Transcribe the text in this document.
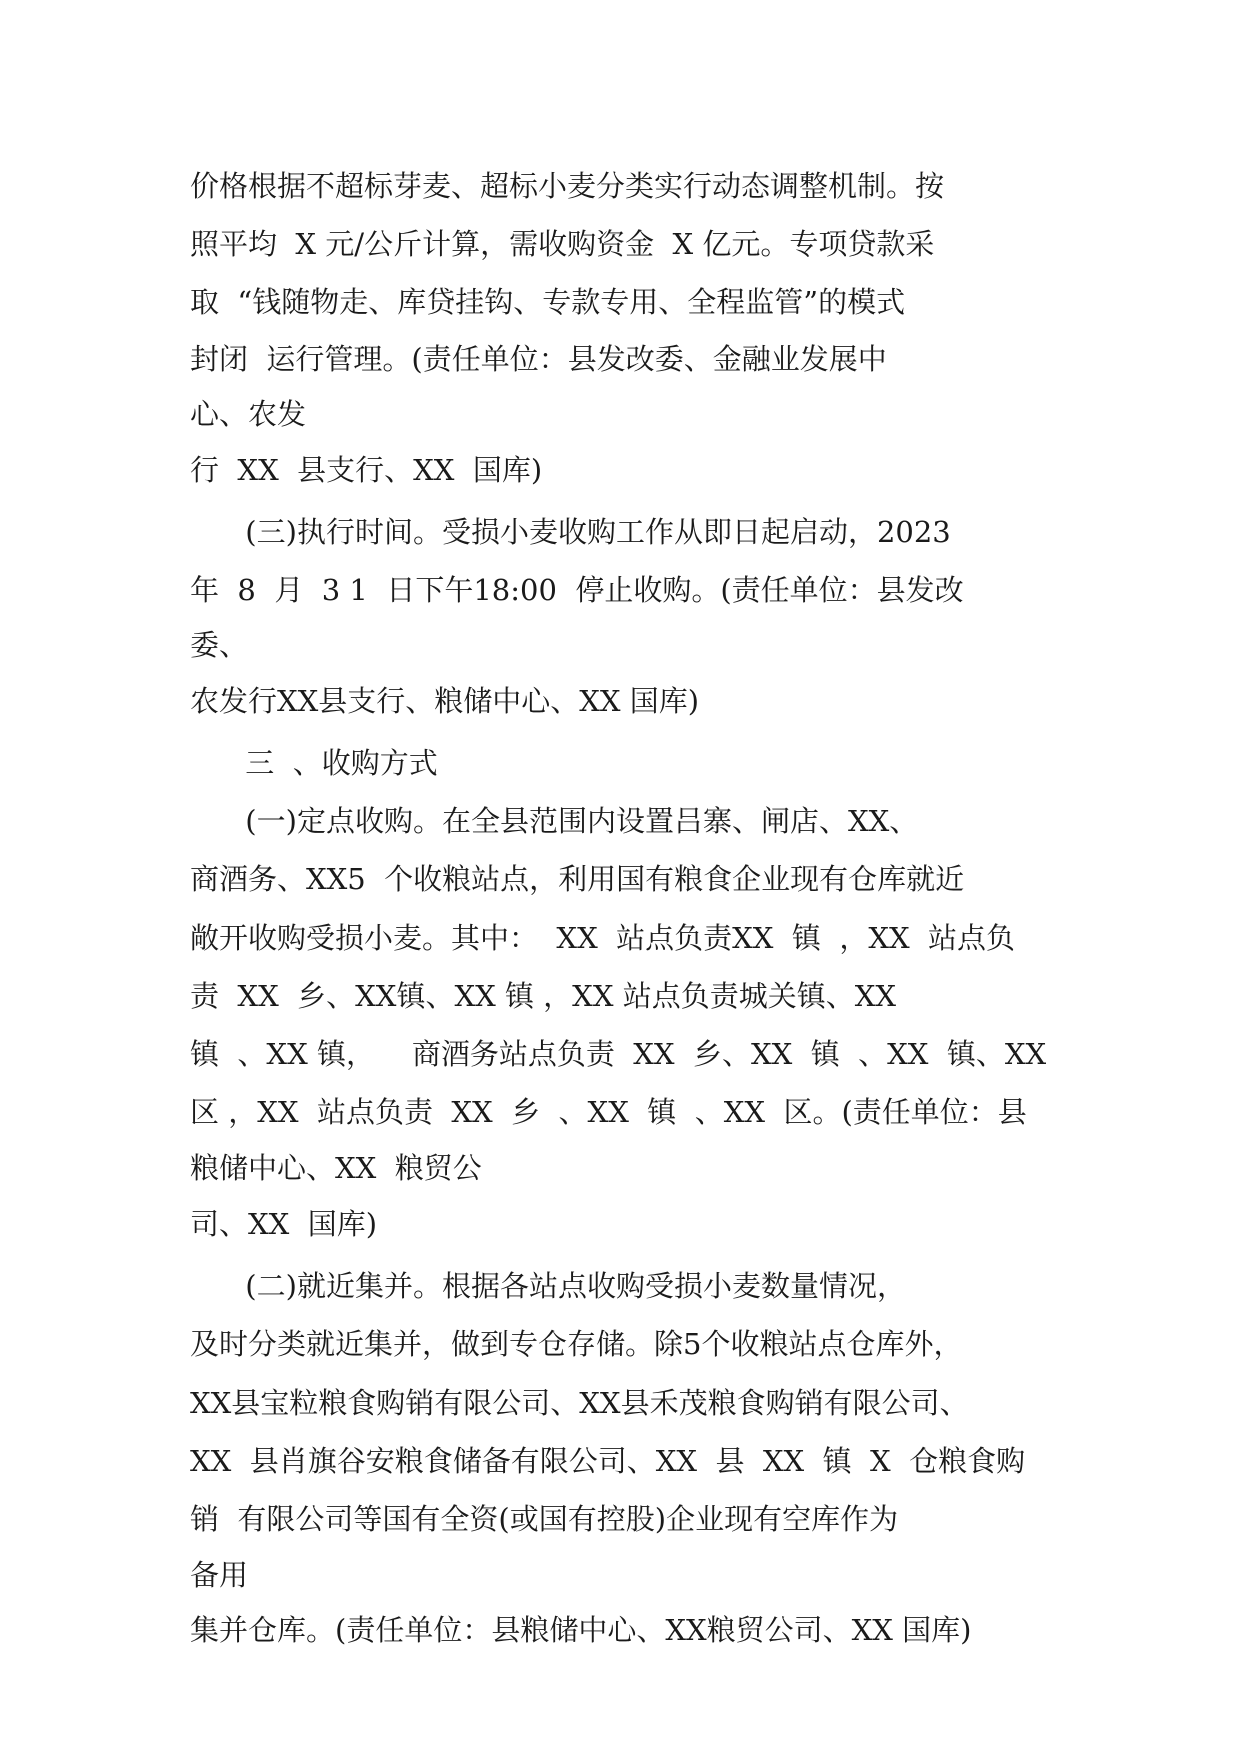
价格根据不超标芽麦、超标小麦分类实行动态调整机制。按
照平均  X 元/公斤计算，需收购资金  X 亿元。专项贷款采
取  “钱随物走、库贷挂钩、专款专用、全程监管”的模式
封闭  运行管理。(责任单位：县发改委、金融业发展中
心、农发
行  XX  县支行、XX  国库)
(三)执行时间。受损小麦收购工作从即日起启动，2023
年  8  月  3 1  日下午18:00  停止收购。(责任单位：县发改
委、
农发行XX县支行、粮储中心、XX 国库)
三  、收购方式
(一)定点收购。在全县范围内设置吕寨、闸店、XX、
商酒务、XX5  个收粮站点，利用国有粮食企业现有仓库就近
敞开收购受损小麦。其中：  XX  站点负责XX  镇  ，XX  站点负
责  XX  乡、XX镇、XX 镇 ，XX 站点负责城关镇、XX
镇  、XX 镇，    商酒务站点负责  XX  乡、XX  镇  、XX  镇、XX
区 ，XX  站点负责  XX  乡  、XX  镇  、XX  区。(责任单位：县
粮储中心、XX  粮贸公
司、XX  国库)
(二)就近集并。根据各站点收购受损小麦数量情况，
及时分类就近集并，做到专仓存储。除5个收粮站点仓库外，
XX县宝粒粮食购销有限公司、XX县禾茂粮食购销有限公司、
XX  县肖旗谷安粮食储备有限公司、XX  县  XX  镇  X  仓粮食购
销  有限公司等国有全资(或国有控股)企业现有空库作为
备用
集并仓库。(责任单位：县粮储中心、XX粮贸公司、XX 国库)
